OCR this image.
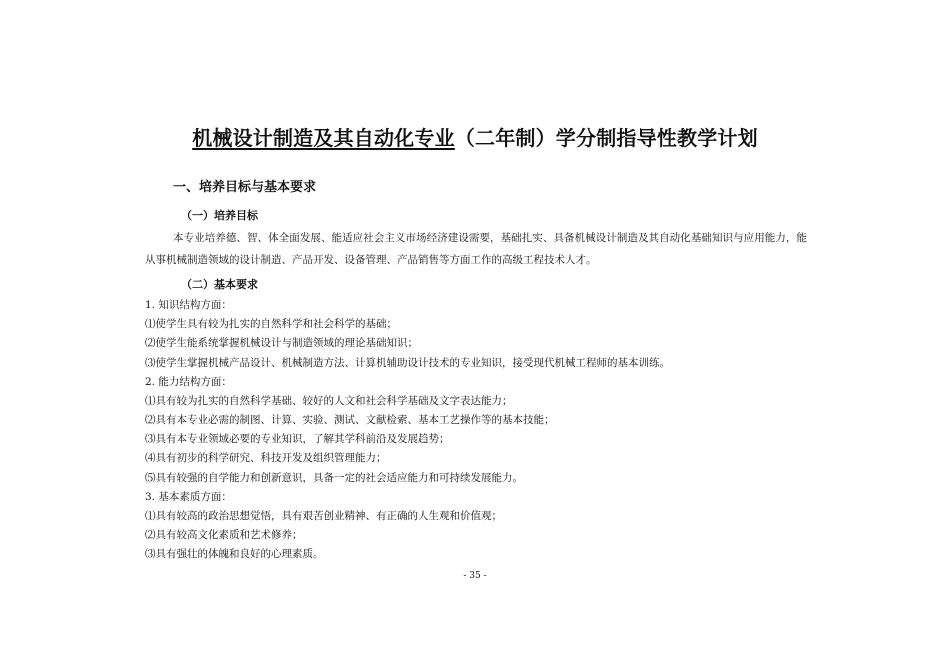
机械设计制造及其自动化专业（二年制）学分制指导性教学计划
一、培养目标与基本要求
（一）培养目标
本专业培养德、智、体全面发展、能适应社会主义市场经济建设需要，基础扎实、具备机械设计制造及其自动化基础知识与应用能力，能从事机械制造领域的设计制造、产品开发、设备管理、产品销售等方面工作的高级工程技术人才。
（二）基本要求
1. 知识结构方面：
⑴使学生具有较为扎实的自然科学和社会科学的基础；
⑵使学生能系统掌握机械设计与制造领域的理论基础知识；
⑶使学生掌握机械产品设计、机械制造方法、计算机辅助设计技术的专业知识，接受现代机械工程师的基本训练。
2. 能力结构方面：
⑴具有较为扎实的自然科学基础、较好的人文和社会科学基础及文字表达能力；
⑵具有本专业必需的制图、计算、实验、测试、文献检索、基本工艺操作等的基本技能；
⑶具有本专业领域必要的专业知识，了解其学科前沿及发展趋势；
⑷具有初步的科学研究、科技开发及组织管理能力；
⑸具有较强的自学能力和创新意识，具备一定的社会适应能力和可持续发展能力。
3. 基本素质方面：
⑴具有较高的政治思想觉悟，具有艰苦创业精神、有正确的人生观和价值观；
⑵具有较高文化素质和艺术修养；
⑶具有强壮的体魄和良好的心理素质。
- 35 -
